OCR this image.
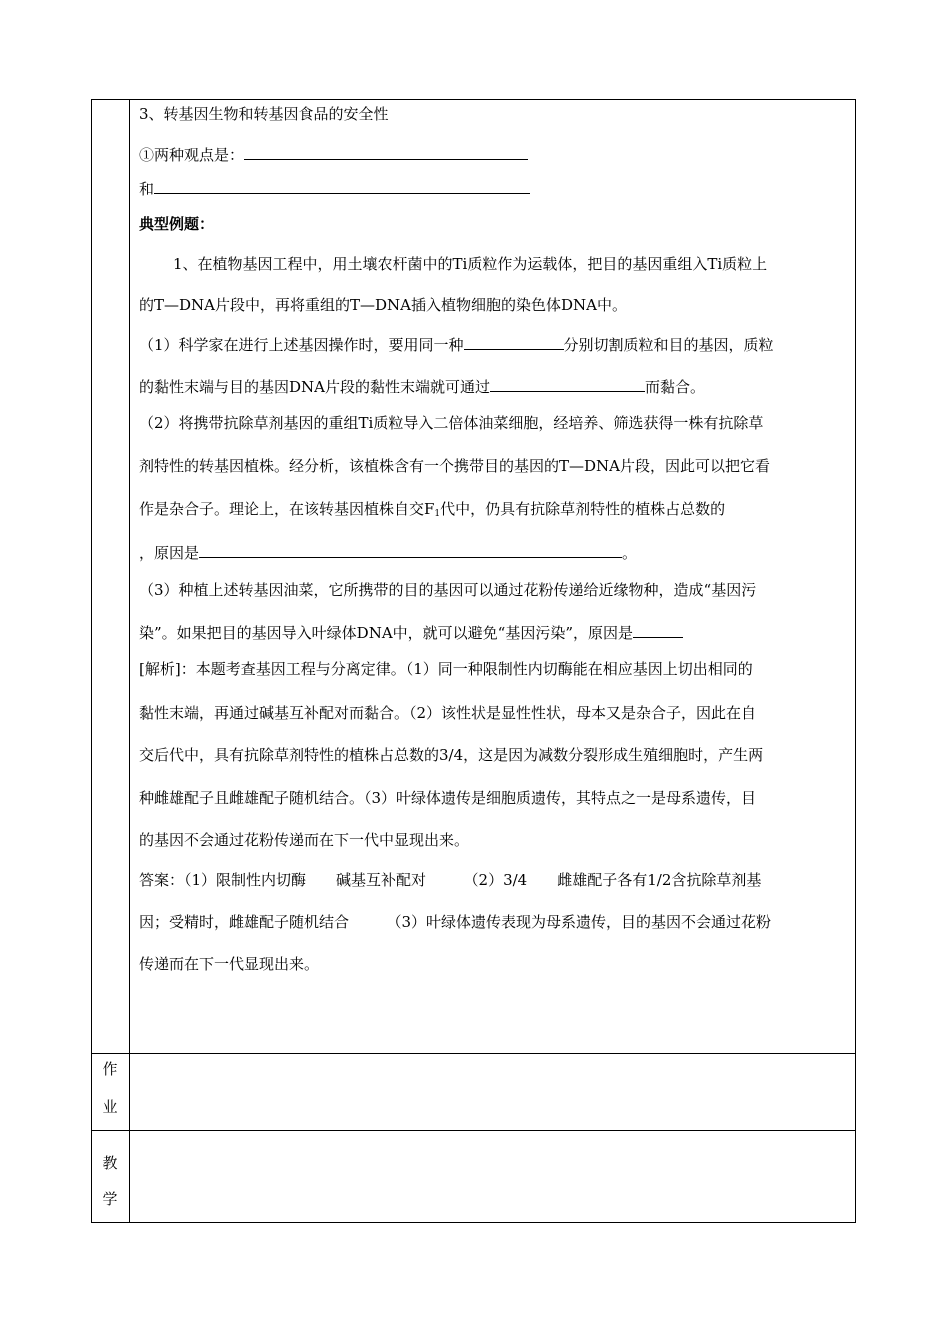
作
业
教
学
3、转基因生物和转基因食品的安全性
①两种观点是：
和
典型例题：
1、在植物基因工程中，用土壤农杆菌中的Ti质粒作为运载体，把目的基因重组入Ti质粒上
的T—DNA片段中，再将重组的T—DNA插入植物细胞的染色体DNA中。
（1）科学家在进行上述基因操作时，要用同一种	分别切割质粒和目的基因，质粒
的黏性末端与目的基因DNA片段的黏性末端就可通过	而黏合。
（2）将携带抗除草剂基因的重组Ti质粒导入二倍体油菜细胞，经培养、筛选获得一株有抗除草
剂特性的转基因植株。经分析，该植株含有一个携带目的基因的T—DNA片段，因此可以把它看
作是杂合子。理论上，在该转基因植株自交$F_1$代中，仍具有抗除草剂特性的植株占总数的
，原因是	。
（3）种植上述转基因油菜，它所携带的目的基因可以通过花粉传递给近缘物种，造成“基因污
染”。如果把目的基因导入叶绿体DNA中，就可以避免“基因污染”，原因是
[解析]：本题考查基因工程与分离定律。（1）同一种限制性内切酶能在相应基因上切出相同的
黏性末端，再通过碱基互补配对而黏合。（2）该性状是显性性状，母本又是杂合子，因此在自
交后代中，具有抗除草剂特性的植株占总数的3/4，这是因为减数分裂形成生殖细胞时，产生两
种雌雄配子且雌雄配子随机结合。（3）叶绿体遗传是细胞质遗传，其特点之一是母系遗传，目
的基因不会通过花粉传递而在下一代中显现出来。
答案：（1）限制性内切酶　　碱基互补配对　　　（2）3/4　　雌雄配子各有1/2含抗除草剂基
因；受精时，雌雄配子随机结合　　　（3）叶绿体遗传表现为母系遗传，目的基因不会通过花粉
传递而在下一代显现出来。
